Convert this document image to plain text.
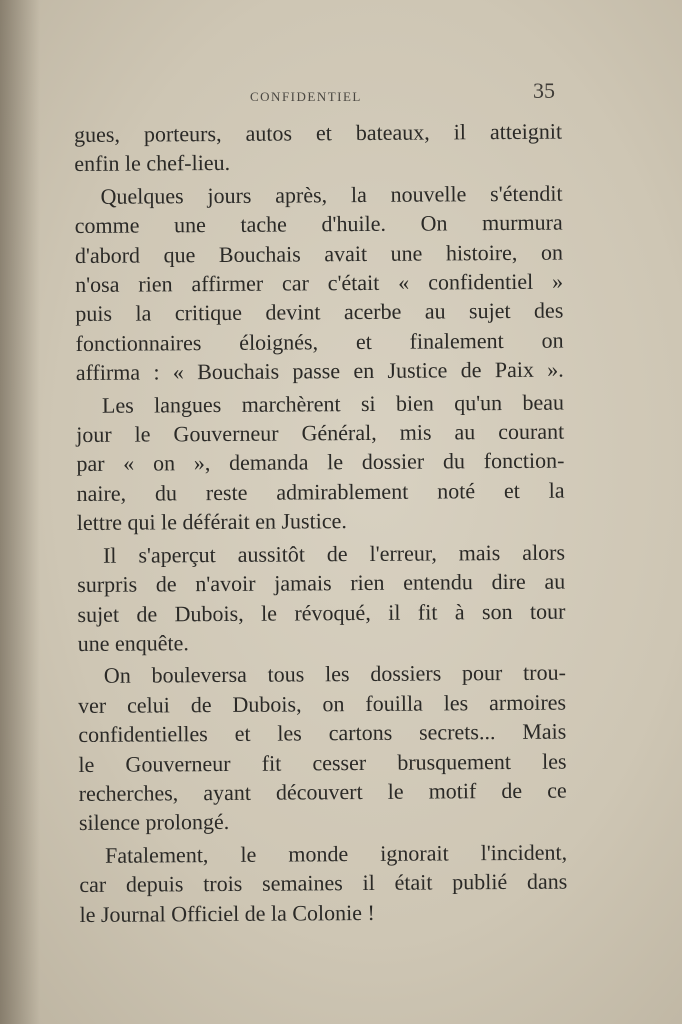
CONFIDENTIEL	35
gues, porteurs, autos et bateaux, il atteignit
enfin le chef-lieu.
Quelques jours après, la nouvelle s'étendit
comme une tache d'huile. On murmura
d'abord que Bouchais avait une histoire, on
n'osa rien affirmer car c'était « confidentiel »
puis la critique devint acerbe au sujet des
fonctionnaires éloignés, et finalement on
affirma : « Bouchais passe en Justice de Paix ».
Les langues marchèrent si bien qu'un beau
jour le Gouverneur Général, mis au courant
par « on », demanda le dossier du fonction-
naire, du reste admirablement noté et la
lettre qui le déférait en Justice.
Il s'aperçut aussitôt de l'erreur, mais alors
surpris de n'avoir jamais rien entendu dire au
sujet de Dubois, le révoqué, il fit à son tour
une enquête.
On bouleversa tous les dossiers pour trou-
ver celui de Dubois, on fouilla les armoires
confidentielles et les cartons secrets... Mais
le Gouverneur fit cesser brusquement les
recherches, ayant découvert le motif de ce
silence prolongé.
Fatalement, le monde ignorait l'incident,
car depuis trois semaines il était publié dans
le Journal Officiel de la Colonie !
